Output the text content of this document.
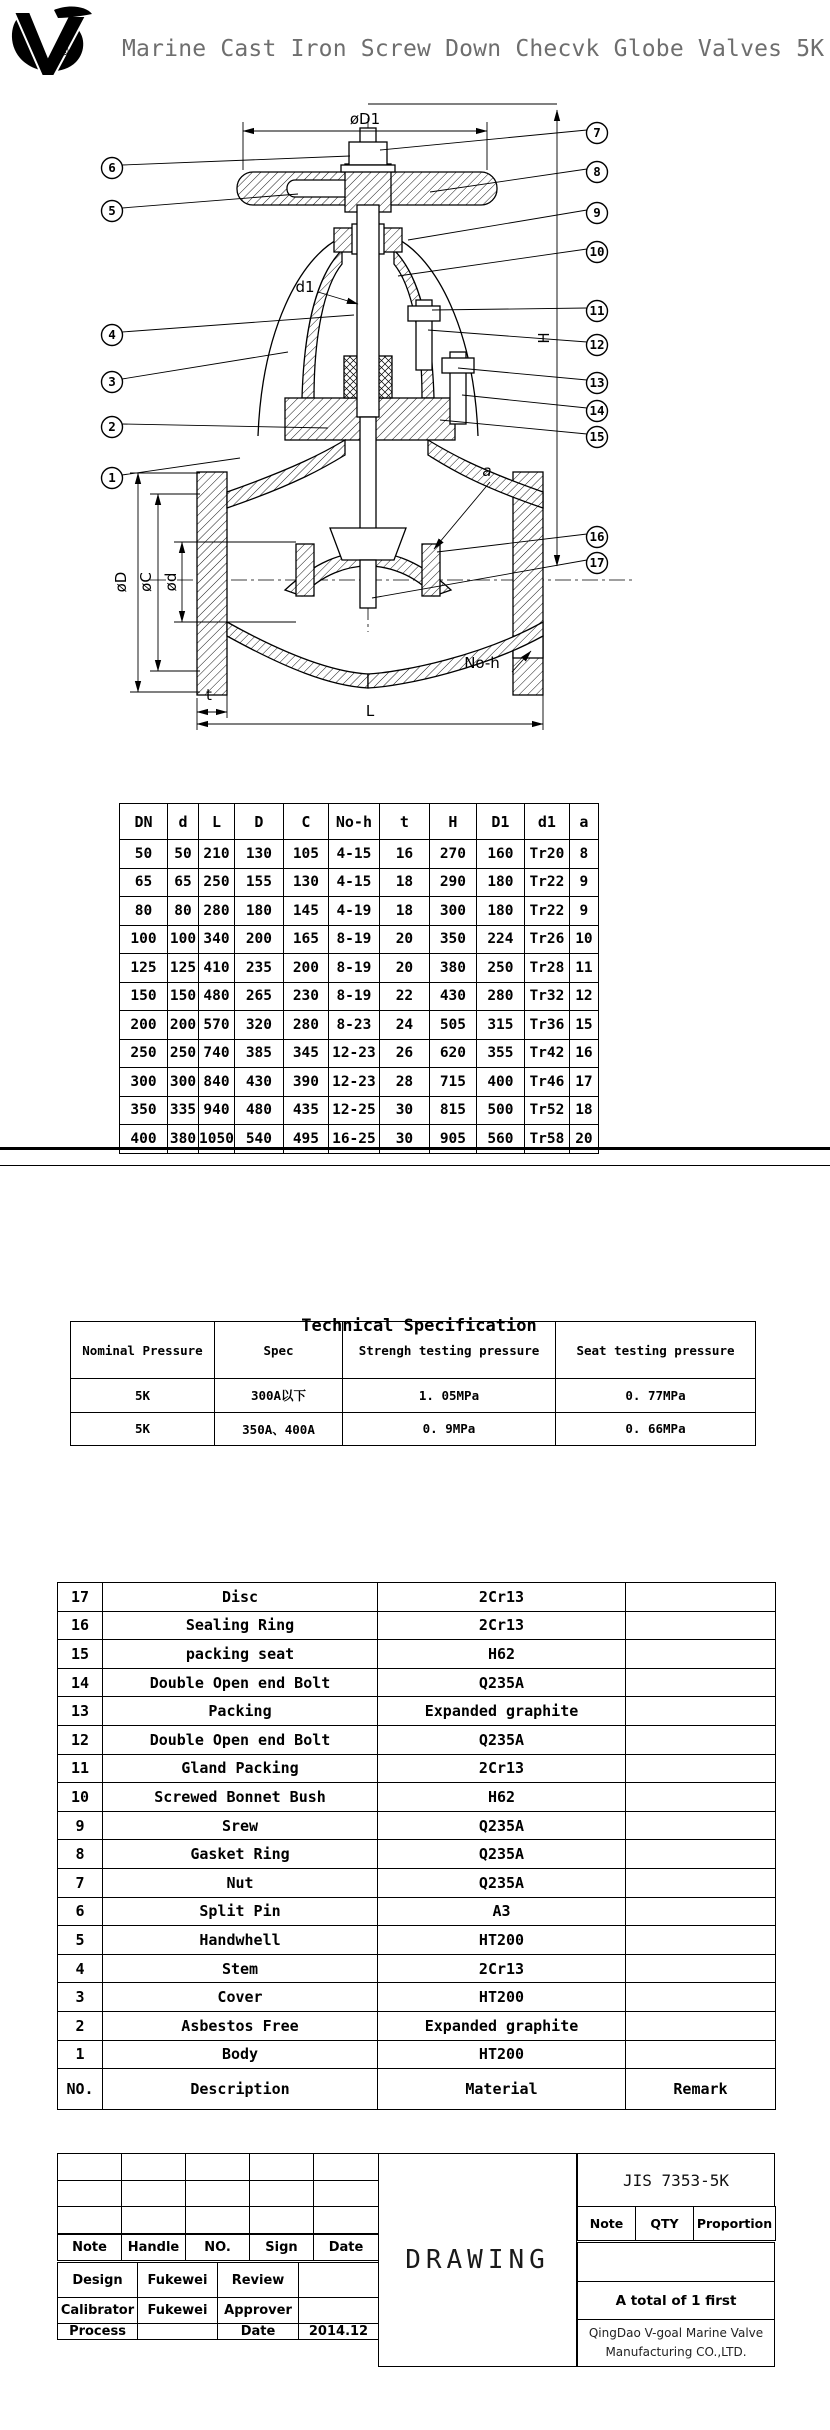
® Marine Cast Iron Screw Down Checvk Globe Valves 5K
øD1
H
øD øC ød
t
L
No-h
d1
a
1
2
3
4
5
6
7
8
9
10
11
12
13
14
15
16
17
DN	d	L	D	C	No-h	t	H	D1	d1	a
50	50	210	130	105	4-15	16	270	160	Tr20	8
65	65	250	155	130	4-15	18	290	180	Tr22	9
80	80	280	180	145	4-19	18	300	180	Tr22	9
100	100	340	200	165	8-19	20	350	224	Tr26	10
125	125	410	235	200	8-19	20	380	250	Tr28	11
150	150	480	265	230	8-19	22	430	280	Tr32	12
200	200	570	320	280	8-23	24	505	315	Tr36	15
250	250	740	385	345	12-23	26	620	355	Tr42	16
300	300	840	430	390	12-23	28	715	400	Tr46	17
350	335	940	480	435	12-25	30	815	500	Tr52	18
400	380	1050	540	495	16-25	30	905	560	Tr58	20
Technical Specification
Nominal Pressure	Spec	Strengh testing pressure	Seat testing pressure
5K	300A以下	1. 05MPa	0. 77MPa
5K	350A、400A	0. 9MPa	0. 66MPa
17	Disc	2Cr13	
16	Sealing Ring	2Cr13	
15	packing seat	H62	
14	Double Open end Bolt	Q235A	
13	Packing	Expanded graphite	
12	Double Open end Bolt	Q235A	
11	Gland Packing	2Cr13	
10	Screwed Bonnet Bush	H62	
9	Srew	Q235A	
8	Gasket Ring	Q235A	
7	Nut	Q235A	
6	Split Pin	A3	
5	Handwhell	HT200	
4	Stem	2Cr13	
3	Cover	HT200	
2	Asbestos Free	Expanded graphite	
1	Body	HT200	
NO.	Description	Material	Remark

Note	Handle	NO.	Sign	Date
Design	Fukewei	Review	
Calibrator	Fukewei	Approver	
Process		Date	2014.12
DRAWING
JIS 7353-5K
Note	QTY	Proportion
A total of 1 first
QingDao V-goal Marine Valve
Manufacturing CO.,LTD.
